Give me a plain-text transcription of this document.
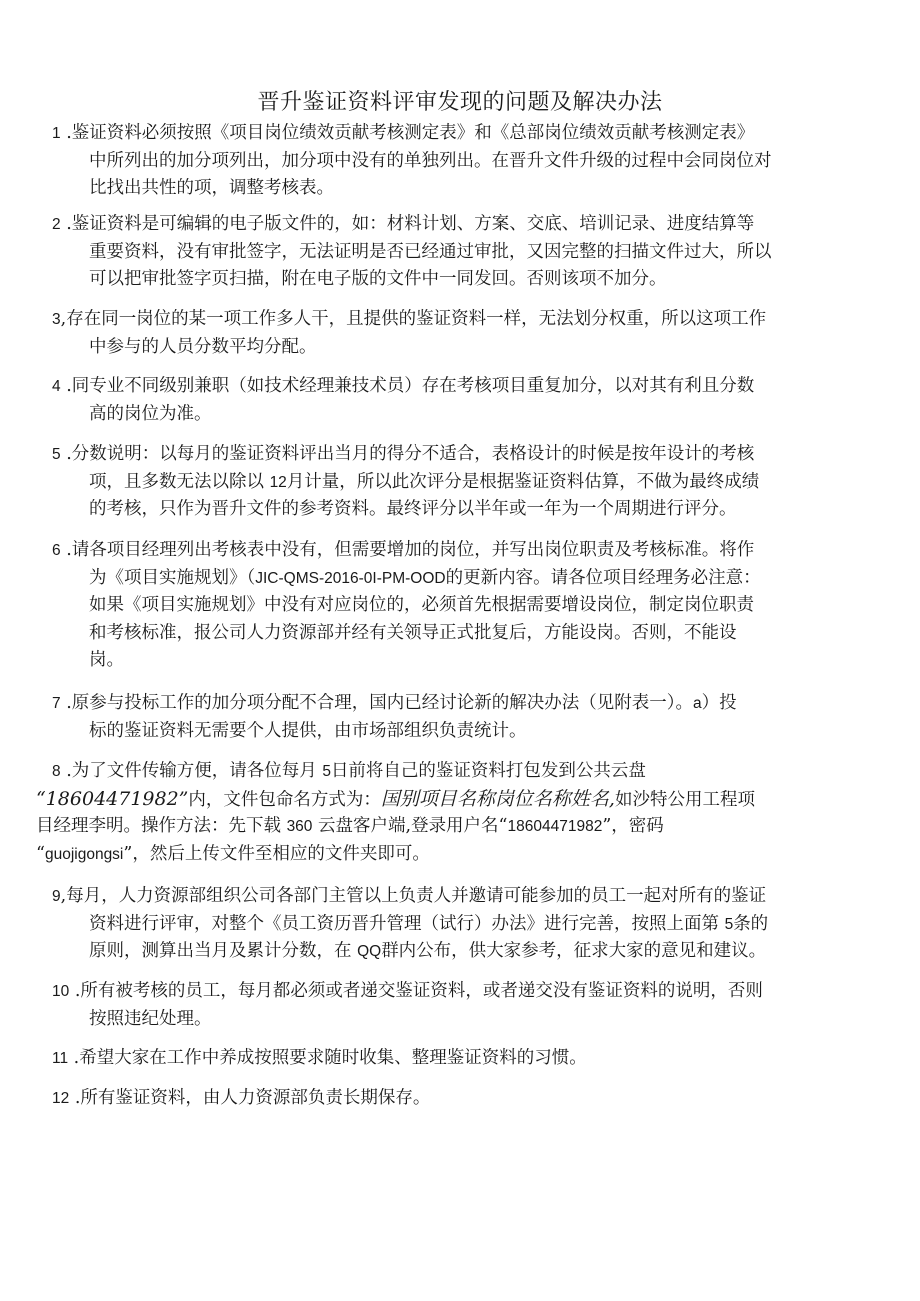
晋升鉴证资料评审发现的问题及解决办法
1 .鉴证资料必须按照《项目岗位绩效贡献考核测定表》和《总部岗位绩效贡献考核测定表》
中所列出的加分项列出，加分项中没有的单独列出。在晋升文件升级的过程中会同岗位对
比找出共性的项，调整考核表。
2 .鉴证资料是可编辑的电子版文件的，如：材料计划、方案、交底、培训记录、进度结算等
重要资料，没有审批签字，无法证明是否已经通过审批，又因完整的扫描文件过大，所以
可以把审批签字页扫描，附在电子版的文件中一同发回。否则该项不加分。
3,存在同一岗位的某一项工作多人干，且提供的鉴证资料一样，无法划分权重，所以这项工作
中参与的人员分数平均分配。
4 .同专业不同级别兼职（如技术经理兼技术员）存在考核项目重复加分，以对其有利且分数
高的岗位为准。
5 .分数说明：以每月的鉴证资料评出当月的得分不适合，表格设计的时候是按年设计的考核
项，且多数无法以除以 12月计量，所以此次评分是根据鉴证资料估算，不做为最终成绩
的考核，只作为晋升文件的参考资料。最终评分以半年或一年为一个周期进行评分。
6 .请各项目经理列出考核表中没有，但需要增加的岗位，并写出岗位职责及考核标准。将作
为《项目实施规划》（JIC-QMS-2016-0I-PM-OOD的更新内容。请各位项目经理务必注意：
如果《项目实施规划》中没有对应岗位的，必须首先根据需要增设岗位，制定岗位职责
和考核标准，报公司人力资源部并经有关领导正式批复后，方能设岗。否则，不能设
岗。
7 .原参与投标工作的加分项分配不合理，国内已经讨论新的解决办法（见附表一）。a）投
标的鉴证资料无需要个人提供，由市场部组织负责统计。
8 .为了文件传输方便，请各位每月 5日前将自己的鉴证资料打包发到公共云盘
“18604471982”内，文件包命名方式为：国别项目名称岗位名称姓名,如沙特公用工程项
目经理李明。操作方法：先下载 360 云盘客户端,登录用户名“18604471982”，密码
“guojigongsi”，然后上传文件至相应的文件夹即可。
9,每月，人力资源部组织公司各部门主管以上负责人并邀请可能参加的员工一起对所有的鉴证
资料进行评审，对整个《员工资历晋升管理（试行）办法》进行完善，按照上面第 5条的
原则，测算出当月及累计分数，在 QQ群内公布，供大家参考，征求大家的意见和建议。
10 .所有被考核的员工，每月都必须或者递交鉴证资料，或者递交没有鉴证资料的说明，否则
按照违纪处理。
11 .希望大家在工作中养成按照要求随时收集、整理鉴证资料的习惯。
12 .所有鉴证资料，由人力资源部负责长期保存。
